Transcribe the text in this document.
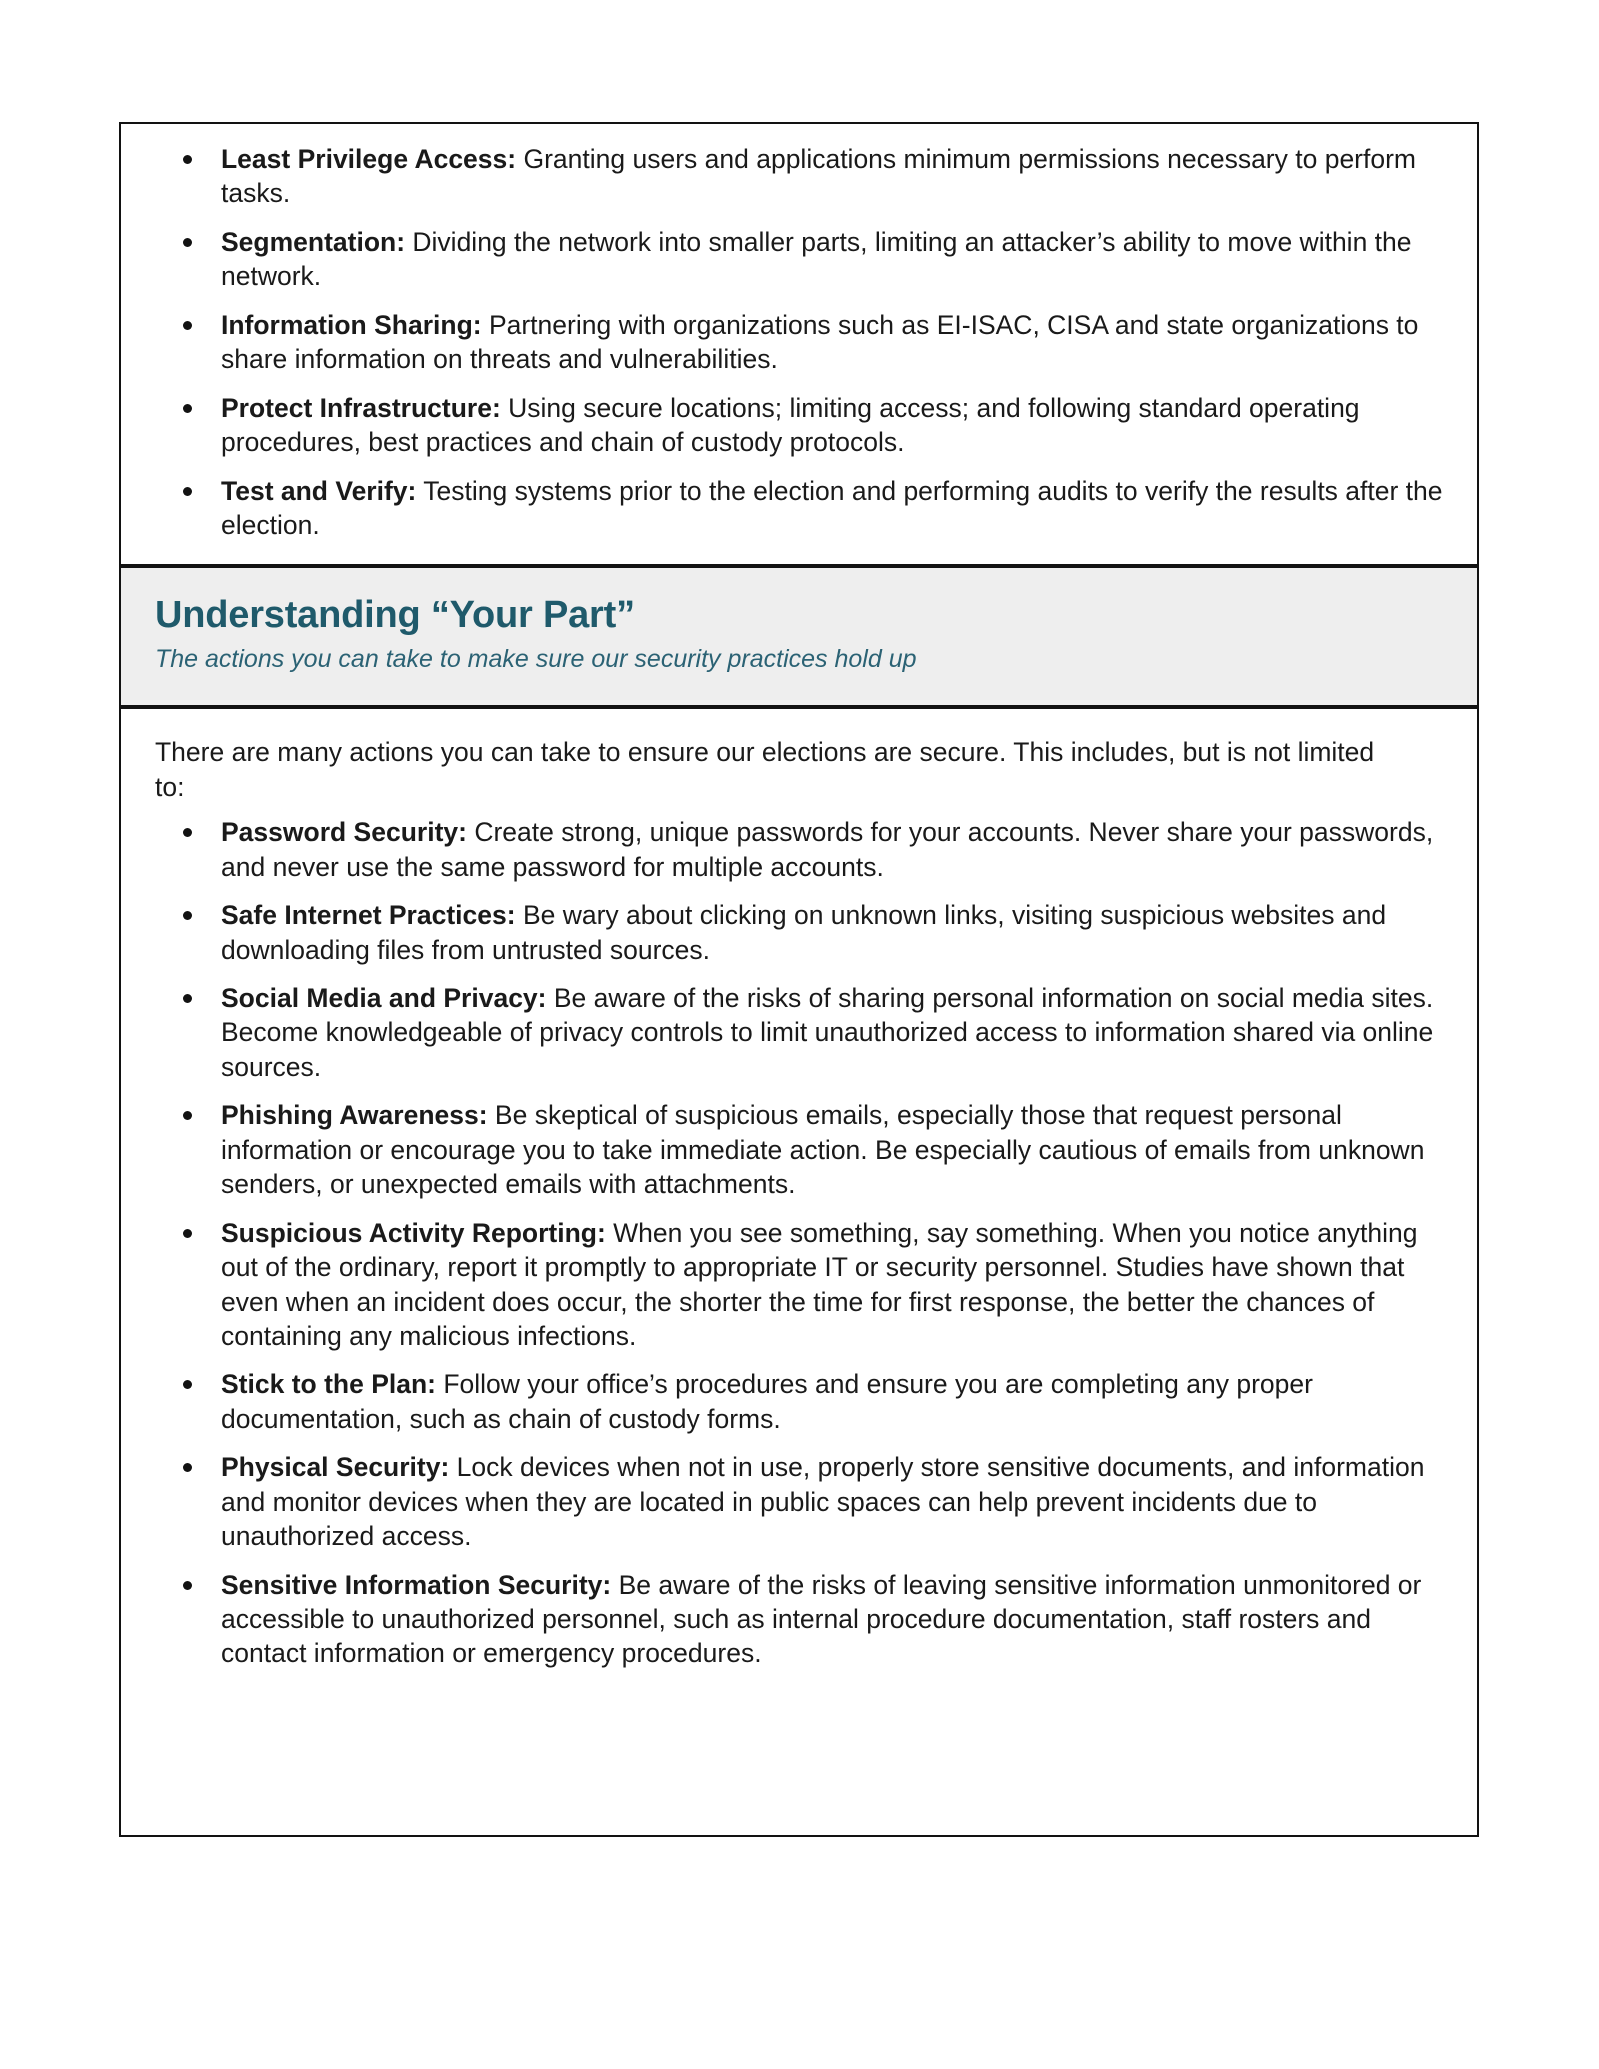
Least Privilege Access: Granting users and applications minimum permissions necessary to perform tasks.
Segmentation: Dividing the network into smaller parts, limiting an attacker’s ability to move within the network.
Information Sharing: Partnering with organizations such as EI-ISAC, CISA and state organizations to share information on threats and vulnerabilities.
Protect Infrastructure: Using secure locations; limiting access; and following standard operating procedures, best practices and chain of custody protocols.
Test and Verify: Testing systems prior to the election and performing audits to verify the results after the election.
Understanding “Your Part”
The actions you can take to make sure our security practices hold up

There are many actions you can take to ensure our elections are secure. This includes, but is not limited to:

Password Security: Create strong, unique passwords for your accounts. Never share your passwords, and never use the same password for multiple accounts.
Safe Internet Practices: Be wary about clicking on unknown links, visiting suspicious websites and downloading files from untrusted sources.
Social Media and Privacy: Be aware of the risks of sharing personal information on social media sites. Become knowledgeable of privacy controls to limit unauthorized access to information shared via online sources.
Phishing Awareness: Be skeptical of suspicious emails, especially those that request personal information or encourage you to take immediate action. Be especially cautious of emails from unknown senders, or unexpected emails with attachments.
Suspicious Activity Reporting: When you see something, say something. When you notice anything out of the ordinary, report it promptly to appropriate IT or security personnel. Studies have shown that even when an incident does occur, the shorter the time for first response, the better the chances of containing any malicious infections.
Stick to the Plan: Follow your office’s procedures and ensure you are completing any proper documentation, such as chain of custody forms.
Physical Security: Lock devices when not in use, properly store sensitive documents, and information and monitor devices when they are located in public spaces can help prevent incidents due to unauthorized access.
Sensitive Information Security: Be aware of the risks of leaving sensitive information unmonitored or accessible to unauthorized personnel, such as internal procedure documentation, staff rosters and contact information or emergency procedures.
